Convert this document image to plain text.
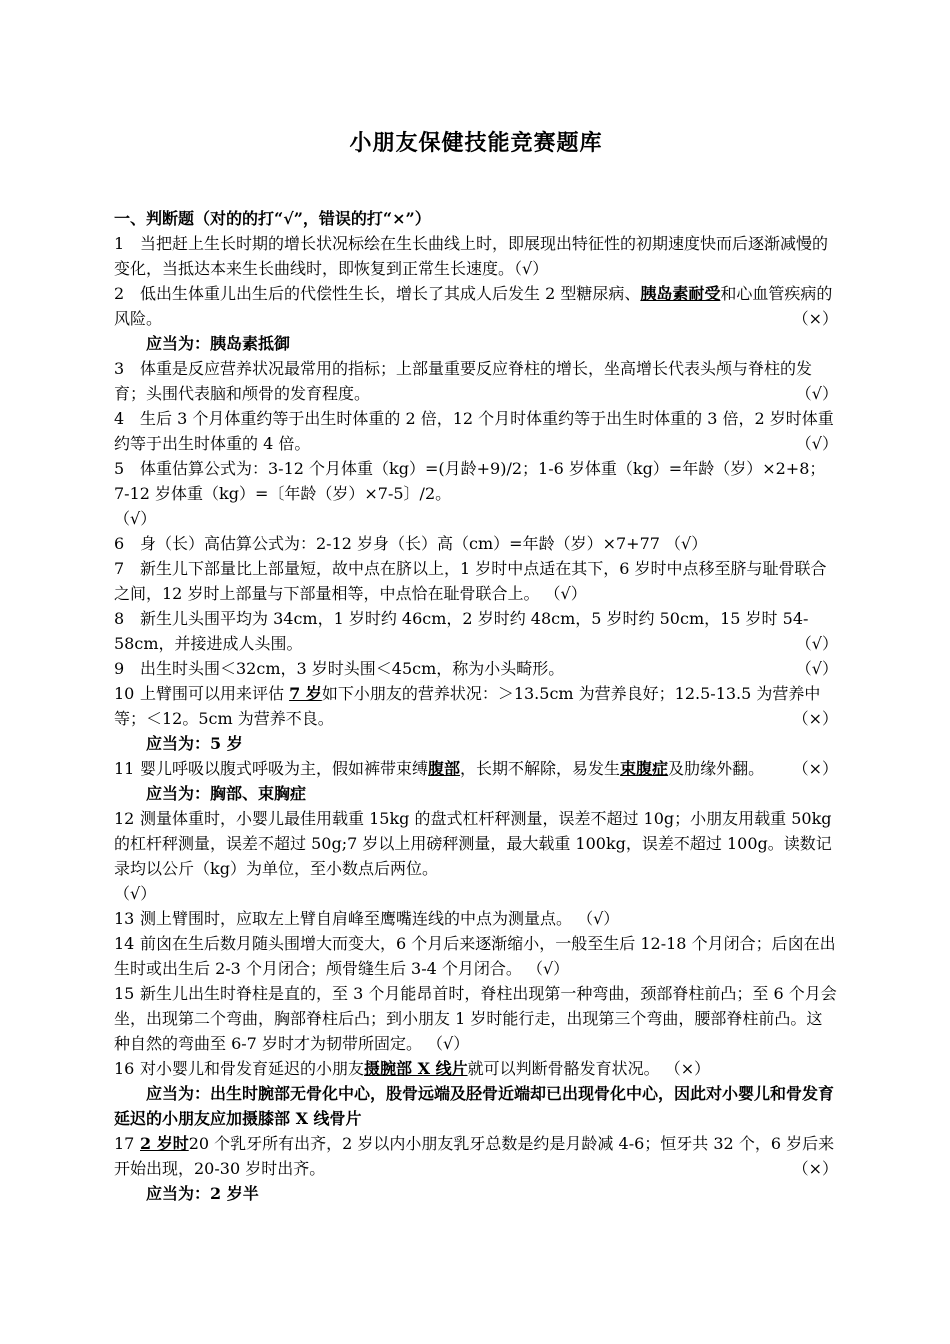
小朋友保健技能竞赛题库
一、判断题（对的的打“√”，错误的打“×”）
1 当把赶上生长时期的增长状况标绘在生长曲线上时，即展现出特征性的初期速度快而后逐渐减慢的变化，当抵达本来生长曲线时，即恢复到正常生长速度。（√）
2 低出生体重儿出生后的代偿性生长，增长了其成人后发生 2 型糖尿病、胰岛素耐受和心血管疾病的风险。	（×）
应当为：胰岛素抵御
3 体重是反应营养状况最常用的指标；上部量重要反应脊柱的增长，坐高增长代表头颅与脊柱的发育；头围代表脑和颅骨的发育程度。	（√）
4 生后 3 个月体重约等于出生时体重的 2 倍，12 个月时体重约等于出生时体重的 3 倍，2 岁时体重约等于出生时体重的 4 倍。	（√）
5 体重估算公式为：3-12 个月体重（kg）=(月龄+9)/2；1-6 岁体重（kg）=年龄（岁）×2+8；7-12 岁体重（kg）=〔年龄（岁）×7-5〕/2。
（√）
6 身（长）高估算公式为：2-12 岁身（长）高（cm）=年龄（岁）×7+77 （√）
7 新生儿下部量比上部量短，故中点在脐以上，1 岁时中点适在其下，6 岁时中点移至脐与耻骨联合之间，12 岁时上部量与下部量相等，中点恰在耻骨联合上。 （√）
8 新生儿头围平均为 34cm，1 岁时约 46cm，2 岁时约 48cm，5 岁时约 50cm，15 岁时 54-58cm，并接进成人头围。	（√）
9 出生时头围＜32cm，3 岁时头围＜45cm，称为小头畸形。	（√）
10 上臂围可以用来评估 7 岁如下小朋友的营养状况：＞13.5cm 为营养良好；12.5-13.5 为营养中等；＜12。5cm 为营养不良。	（×）
应当为：5 岁
11 婴儿呼吸以腹式呼吸为主，假如裤带束缚腹部，长期不解除，易发生束腹症及肋缘外翻。 （×）
应当为：胸部、束胸症
12 测量体重时，小婴儿最佳用载重 15kg 的盘式杠杆秤测量，误差不超过 10g；小朋友用载重 50kg 的杠杆秤测量，误差不超过 50g;7 岁以上用磅秤测量，最大载重 100kg，误差不超过 100g。读数记录均以公斤（kg）为单位，至小数点后两位。
（√）
13 测上臂围时，应取左上臂自肩峰至鹰嘴连线的中点为测量点。 （√）
14 前囟在生后数月随头围增大而变大，6 个月后来逐渐缩小，一般至生后 12-18 个月闭合；后囟在出生时或出生后 2-3 个月闭合；颅骨缝生后 3-4 个月闭合。 （√）
15 新生儿出生时脊柱是直的，至 3 个月能昂首时，脊柱出现第一种弯曲，颈部脊柱前凸；至 6 个月会坐，出现第二个弯曲，胸部脊柱后凸；到小朋友 1 岁时能行走，出现第三个弯曲，腰部脊柱前凸。这种自然的弯曲至 6-7 岁时才为韧带所固定。 （√）
16 对小婴儿和骨发育延迟的小朋友摄腕部 X 线片就可以判断骨骼发育状况。 （×）
应当为：出生时腕部无骨化中心，股骨远端及胫骨近端却已出现骨化中心，因此对小婴儿和骨发育延迟的小朋友应加摄膝部 X 线骨片
17 2 岁时20 个乳牙所有出齐，2 岁以内小朋友乳牙总数是约是月龄减 4-6；恒牙共 32 个，6 岁后来开始出现，20-30 岁时出齐。	（×）
应当为：2 岁半
